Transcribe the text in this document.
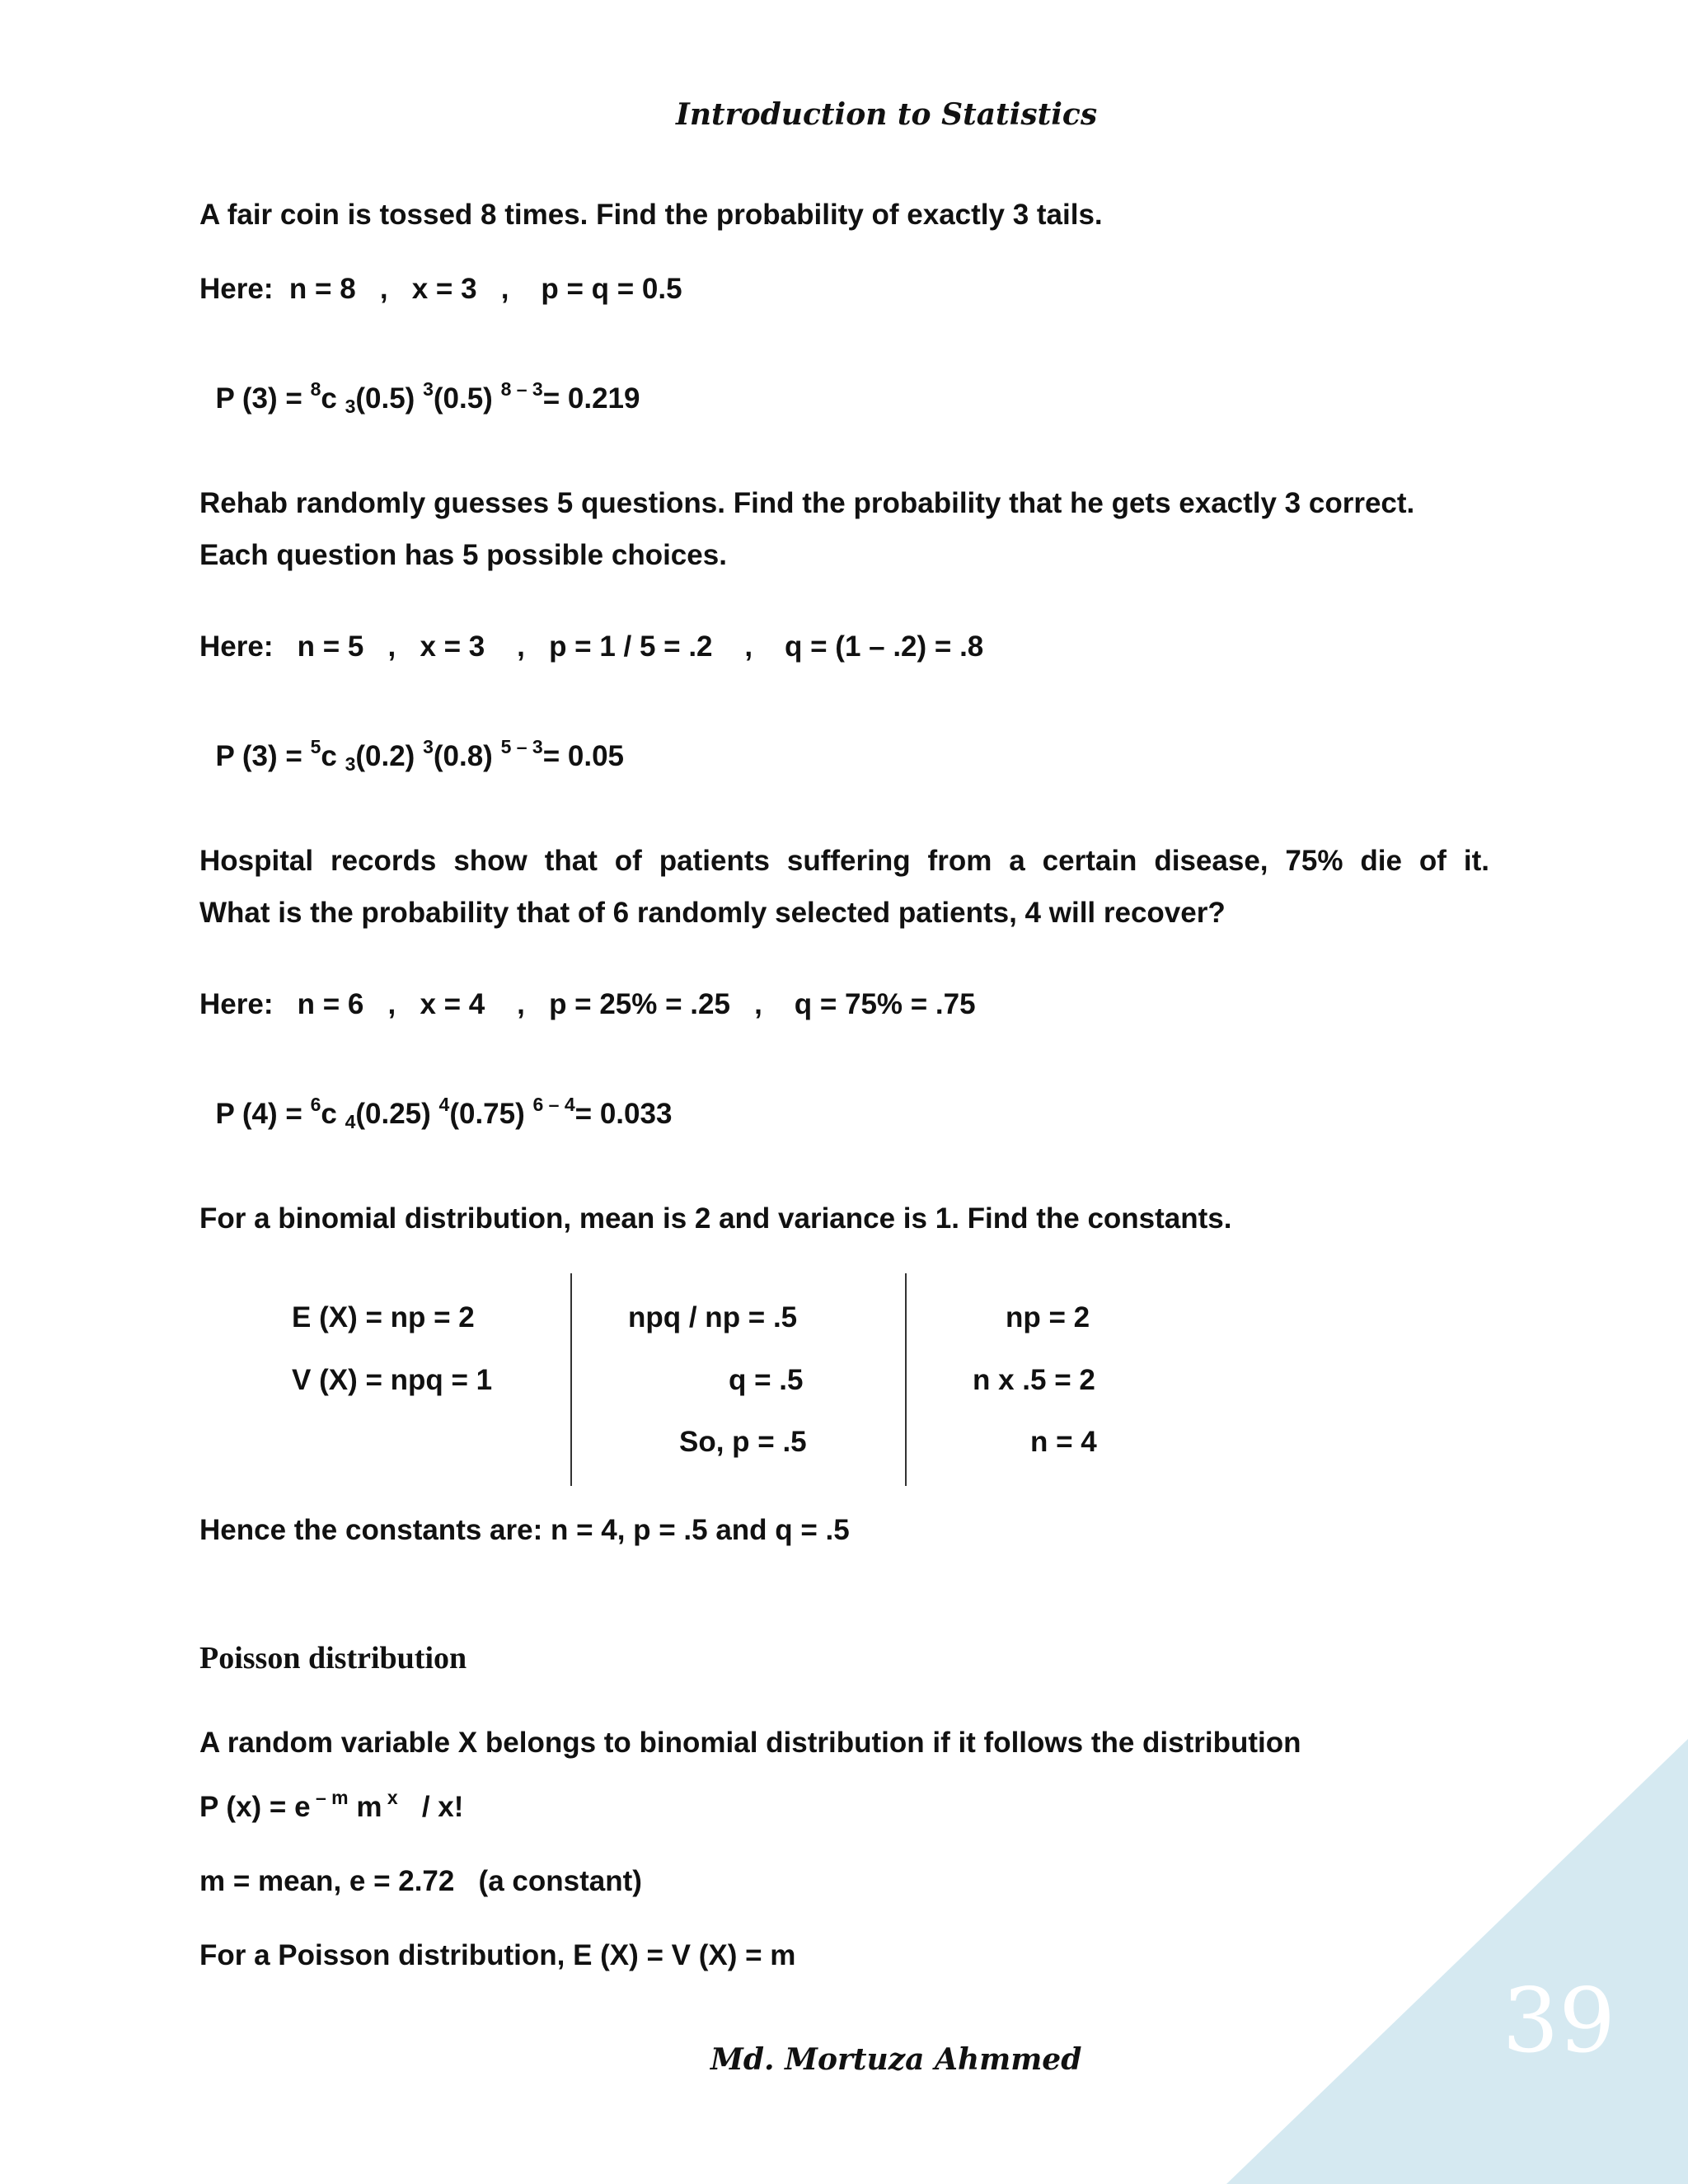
39
Introduction to Statistics
A fair coin is tossed 8 times. Find the probability of exactly 3 tails.
Here:  n = 8   ,   x = 3   ,    p = q = 0.5

P (3) = $^8$c $_3$(0.5) $^3$(0.5) $^{8 - 3}$= 0.219

Rehab randomly guesses 5 questions. Find the probability that he gets exactly 3 correct.
Each question has 5 possible choices.
Here:   n = 5   ,   x = 3    ,   p = 1 / 5 = .2    ,    q = (1 – .2) = .8

P (3) = $^5$c $_3$(0.2) $^3$(0.8) $^{5 - 3}$= 0.05

Hospital records show that of patients suffering from a certain disease, 75% die of it.
What is the probability that of 6 randomly selected patients, 4 will recover?
Here:   n = 6   ,   x = 4    ,   p = 25% = .25   ,    q = 75% = .75

P (4) = $^6$c $_4$(0.25) $^4$(0.75) $^{6 - 4}$= 0.033

For a binomial distribution, mean is 2 and variance is 1. Find the constants.
E (X) = np = 2
V (X) = npq = 1
npq / np = .5
q = .5
So, p = .5
np = 2
n x .5 = 2
n = 4
Hence the constants are: n = 4, p = .5 and q = .5
Poisson distribution
A random variable X belongs to binomial distribution if it follows the distribution
P (x) = e $^{- m}$ m $^x$   / x!
m = mean, e = 2.72   (a constant)
For a Poisson distribution, E (X) = V (X) = m
Md. Mortuza Ahmmed
